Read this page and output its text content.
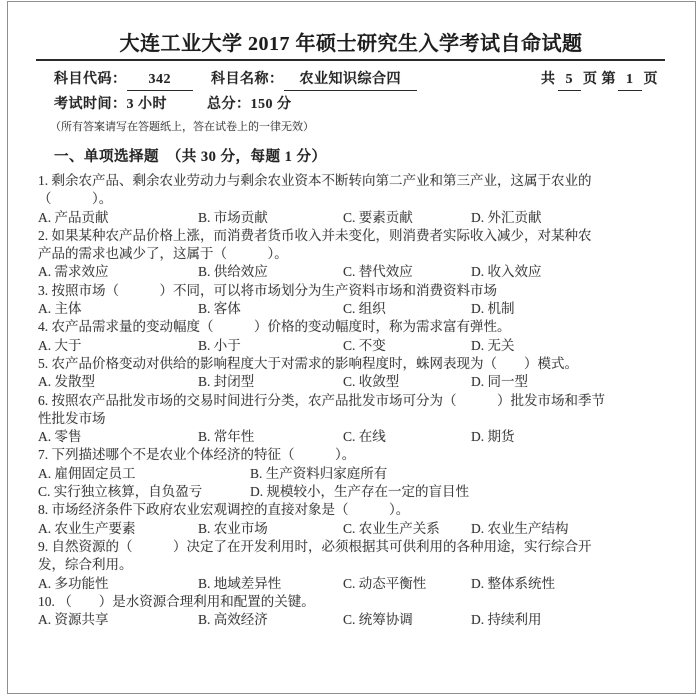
大连工业大学 2017 年硕士研究生入学考试自命试题
科目代码：	342	科目名称：	农业知识综合四	共 5 页 第 1 页
考试时间： 3 小时	总分： 150 分
（所有答案请写在答题纸上，答在试卷上的一律无效）
一、单项选择题　（共 30 分，每题 1 分）
1. 剩余农产品、剩余农业劳动力与剩余农业资本不断转向第二产业和第三产业，这属于农业的
（　　　）。
A. 产品贡献	B. 市场贡献	C. 要素贡献	D. 外汇贡献
2. 如果某种农产品价格上涨，而消费者货币收入并未变化，则消费者实际收入减少，对某种农
产品的需求也减少了，这属于（　　　）。
A. 需求效应	B. 供给效应	C. 替代效应	D. 收入效应
3. 按照市场（　　　）不同，可以将市场划分为生产资料市场和消费资料市场
A. 主体	B. 客体	C. 组织	D. 机制
4. 农产品需求量的变动幅度（　　　）价格的变动幅度时，称为需求富有弹性。
A. 大于	B. 小于	C. 不变	D. 无关
5. 农产品价格变动对供给的影响程度大于对需求的影响程度时，蛛网表现为（　　）模式。
A. 发散型	B. 封闭型	C. 收敛型	D. 同一型
6. 按照农产品批发市场的交易时间进行分类，农产品批发市场可分为（　　　）批发市场和季节
性批发市场
A. 零售	B. 常年性	C. 在线	D. 期货
7. 下列描述哪个不是农业个体经济的特征（　　　）。
A. 雇佣固定员工	B. 生产资料归家庭所有
C. 实行独立核算，自负盈亏	D. 规模较小，生产存在一定的盲目性
8. 市场经济条件下政府农业宏观调控的直接对象是（　　　）。
A. 农业生产要素	B. 农业市场	C. 农业生产关系 D. 农业生产结构
9. 自然资源的（　　　）决定了在开发利用时，必须根据其可供利用的各种用途，实行综合开
发，综合利用。
A. 多功能性	B. 地域差异性	C. 动态平衡性	D. 整体系统性
10. （　　）是水资源合理利用和配置的关键。
A. 资源共享	B. 高效经济	C. 统筹协调	D. 持续利用
